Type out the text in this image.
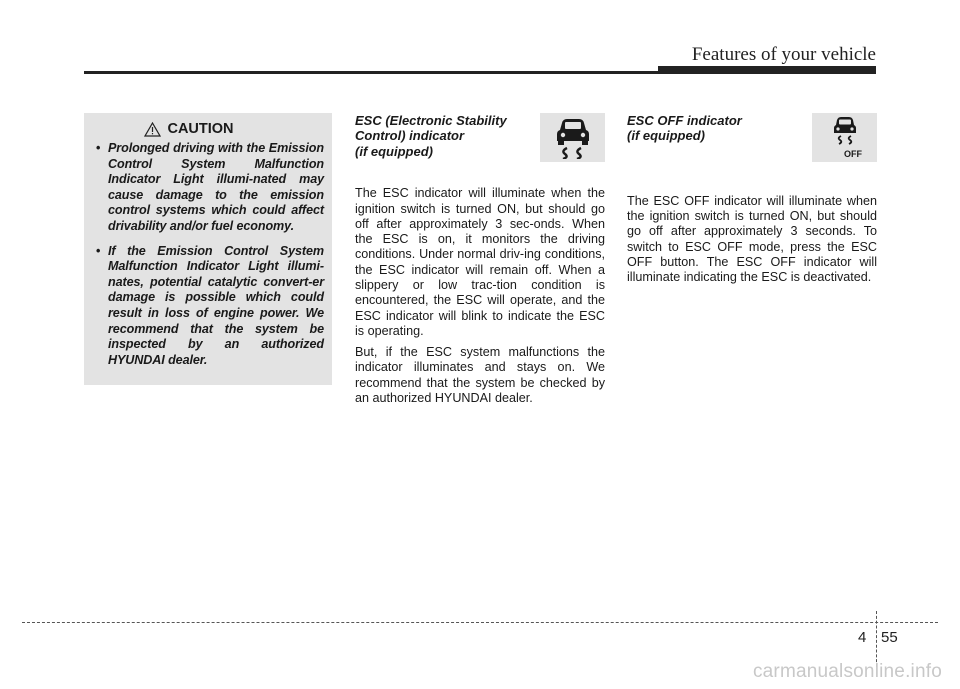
Features of your vehicle
CAUTION
• Prolonged driving with the Emission Control System Malfunction Indicator Light illumi-nated may cause damage to the emission control systems which could affect drivability and/or fuel economy.
• If the Emission Control System Malfunction Indicator Light illumi-nates, potential catalytic convert-er damage is possible which could result in loss of engine power. We recommend that the system be inspected by an authorized HYUNDAI dealer.
ESC (Electronic Stability
Control) indicator
(if equipped)

The ESC indicator will illuminate when the ignition switch is turned ON, but should go off after approximately 3 sec-onds. When the ESC is on, it monitors the driving conditions. Under normal driv-ing conditions, the ESC indicator will remain off. When a slippery or low trac-tion condition is encountered, the ESC will operate, and the ESC indicator will blink to indicate the ESC is operating.

But, if the ESC system malfunctions the indicator illuminates and stays on. We recommend that the system be checked by an authorized HYUNDAI dealer.

ESC OFF indicator
(if equipped)

The ESC OFF indicator will illuminate when the ignition switch is turned ON, but should go off after approximately 3 seconds. To switch to ESC OFF mode, press the ESC OFF button. The ESC OFF indicator will illuminate indicating the ESC is deactivated.

OFF
4 55
carmanualsonline.info
